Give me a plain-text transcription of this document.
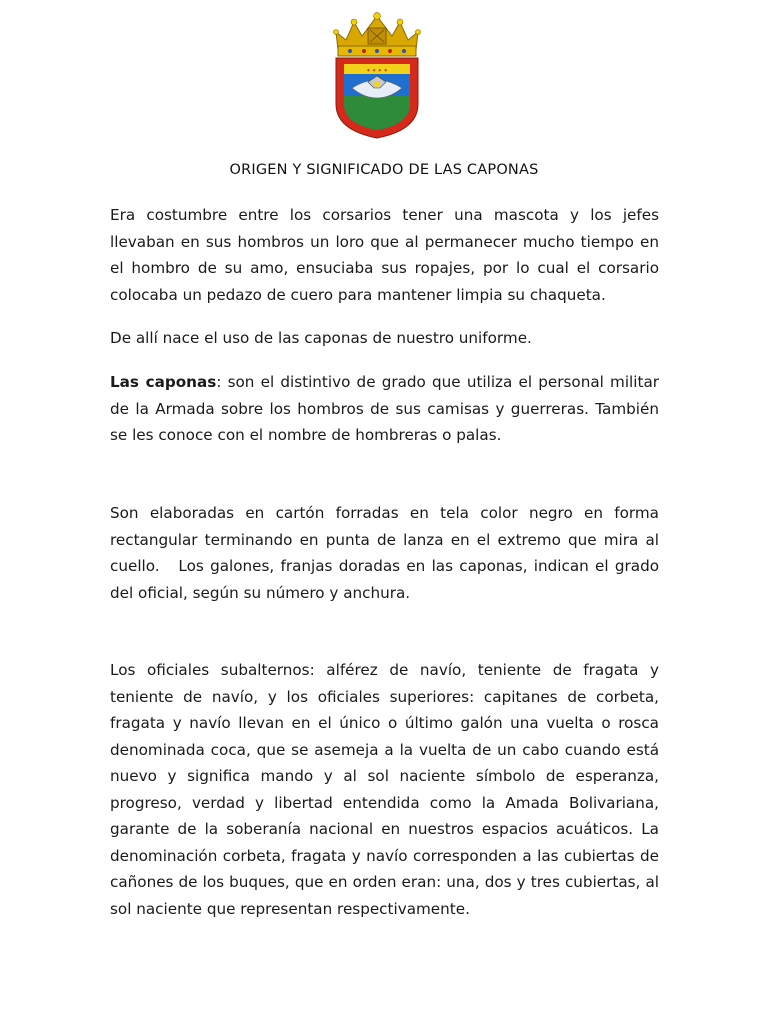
✶ ✶ ✶ ✶
ORIGEN Y SIGNIFICADO DE LAS CAPONAS

Era costumbre entre los corsarios tener una mascota y los jefes llevaban en sus hombros un loro que al permanecer mucho tiempo en el hombro de su amo, ensuciaba sus ropajes, por lo cual el corsario colocaba un pedazo de cuero para mantener limpia su chaqueta.

De allí nace el uso de las caponas de nuestro uniforme.

Las caponas: son el distintivo de grado que utiliza el personal militar de la Armada sobre los hombros de sus camisas y guerreras. También se les conoce con el nombre de hombreras o palas.

Son elaboradas en cartón forradas en tela color negro en forma rectangular terminando en punta de lanza en el extremo que mira al cuello.   Los galones, franjas doradas en las caponas, indican el grado del oficial, según su número y anchura.

Los oficiales subalternos: alférez de navío, teniente de fragata y teniente de navío, y los oficiales superiores: capitanes de corbeta, fragata y navío llevan en el único o último galón una vuelta o rosca denominada coca, que se asemeja a la vuelta de un cabo cuando está nuevo y significa mando y al sol naciente símbolo de esperanza, progreso, verdad y libertad entendida como la Amada Bolivariana, garante de la soberanía nacional en nuestros espacios acuáticos. La denominación corbeta, fragata y navío corresponden a las cubiertas de cañones de los buques, que en orden eran: una, dos y tres cubiertas, al sol naciente que representan respectivamente.
